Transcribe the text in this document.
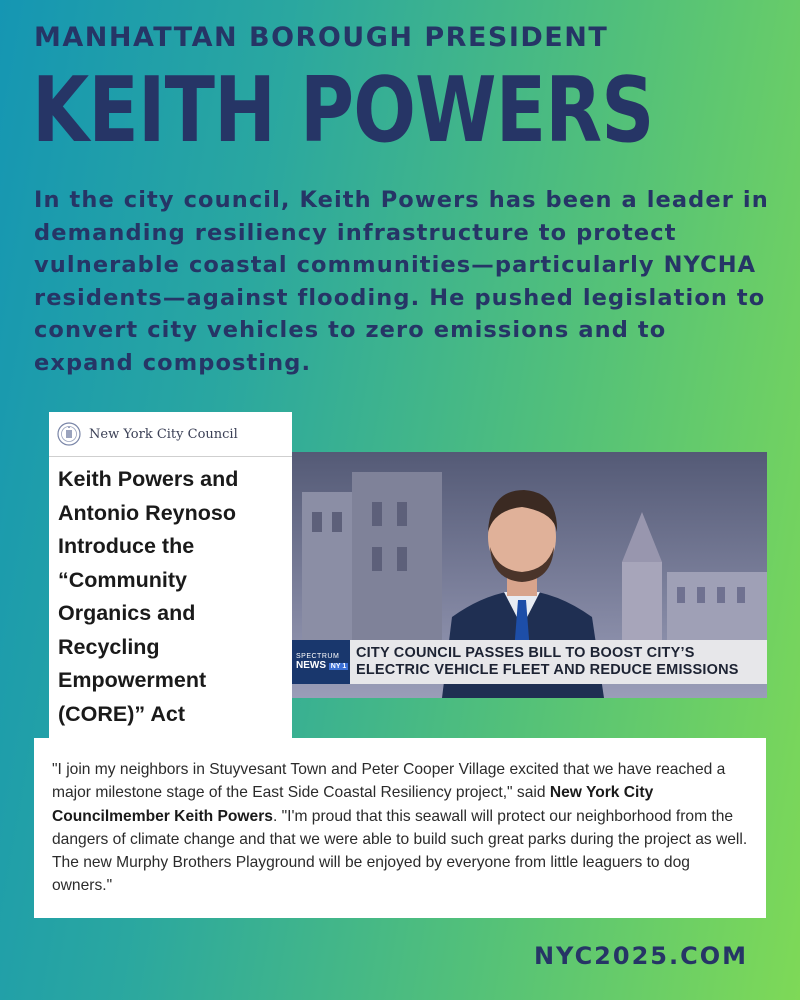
MANHATTAN BOROUGH PRESIDENT
KEITH POWERS
In the city council, Keith Powers has been a leader in demanding resiliency infrastructure to protect vulnerable coastal communities—particularly NYCHA residents—against flooding. He pushed legislation to convert city vehicles to zero emissions and to expand composting.
New York City Council
Keith Powers and Antonio Reynoso Introduce the “Community Organics and Recycling Empowerment (CORE)” Act
SPECTRUM
NEWS NY 1
CITY COUNCIL PASSES BILL TO BOOST CITY’S
ELECTRIC VEHICLE FLEET AND REDUCE EMISSIONS
"I join my neighbors in Stuyvesant Town and Peter Cooper Village excited that we have reached a major milestone stage of the East Side Coastal Resiliency project," said New York City Councilmember Keith Powers. "I'm proud that this seawall will protect our neighborhood from the dangers of climate change and that we were able to build such great parks during the project as well. The new Murphy Brothers Playground will be enjoyed by everyone from little leaguers to dog owners."
NYC2025.COM
